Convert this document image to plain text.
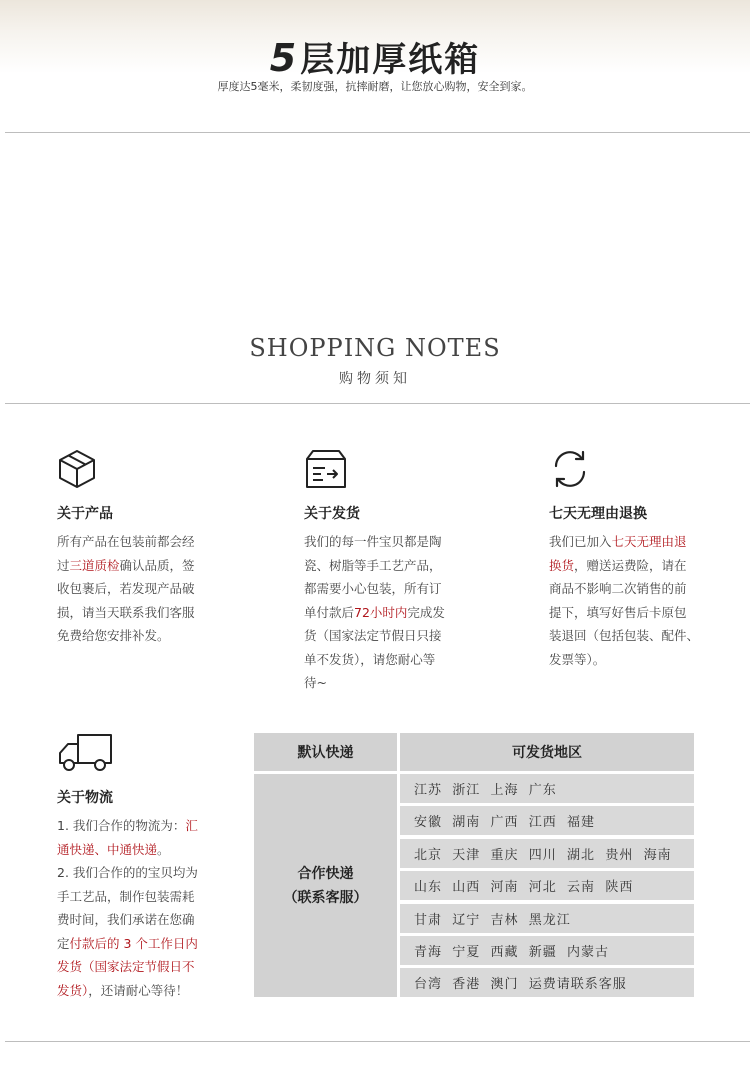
5层加厚纸箱
厚度达5毫米，柔韧度强，抗摔耐磨，让您放心购物，安全到家。
SHOPPING NOTES
购物须知
关于产品	关于发货	七天无理由退换
所有产品在包装前都会经
过三道质检确认品质，签
收包裹后，若发现产品破
损，请当天联系我们客服
免费给您安排补发。
我们的每一件宝贝都是陶
瓷、树脂等手工艺产品，
都需要小心包装，所有订
单付款后72小时内完成发
货（国家法定节假日只接
单不发货），请您耐心等
待~
我们已加入七天无理由退
换货，赠送运费险，请在
商品不影响二次销售的前
提下，填写好售后卡原包
装退回（包括包装、配件、
发票等）。
关于物流
1. 我们合作的物流为：汇
通快递、中通快递。
2. 我们合作的的宝贝均为
手工艺品，制作包装需耗
费时间，我们承诺在您确
定付款后的 3 个工作日内
发货（国家法定节假日不
发货），还请耐心等待！
默认快递	可发货地区
合作快递
（联系客服）
江苏  浙江  上海  广东
安徽  湖南  广西  江西  福建
北京  天津  重庆  四川  湖北  贵州  海南
山东  山西  河南  河北  云南  陕西
甘肃  辽宁  吉林  黑龙江
青海  宁夏  西藏  新疆  内蒙古
台湾  香港  澳门  运费请联系客服
